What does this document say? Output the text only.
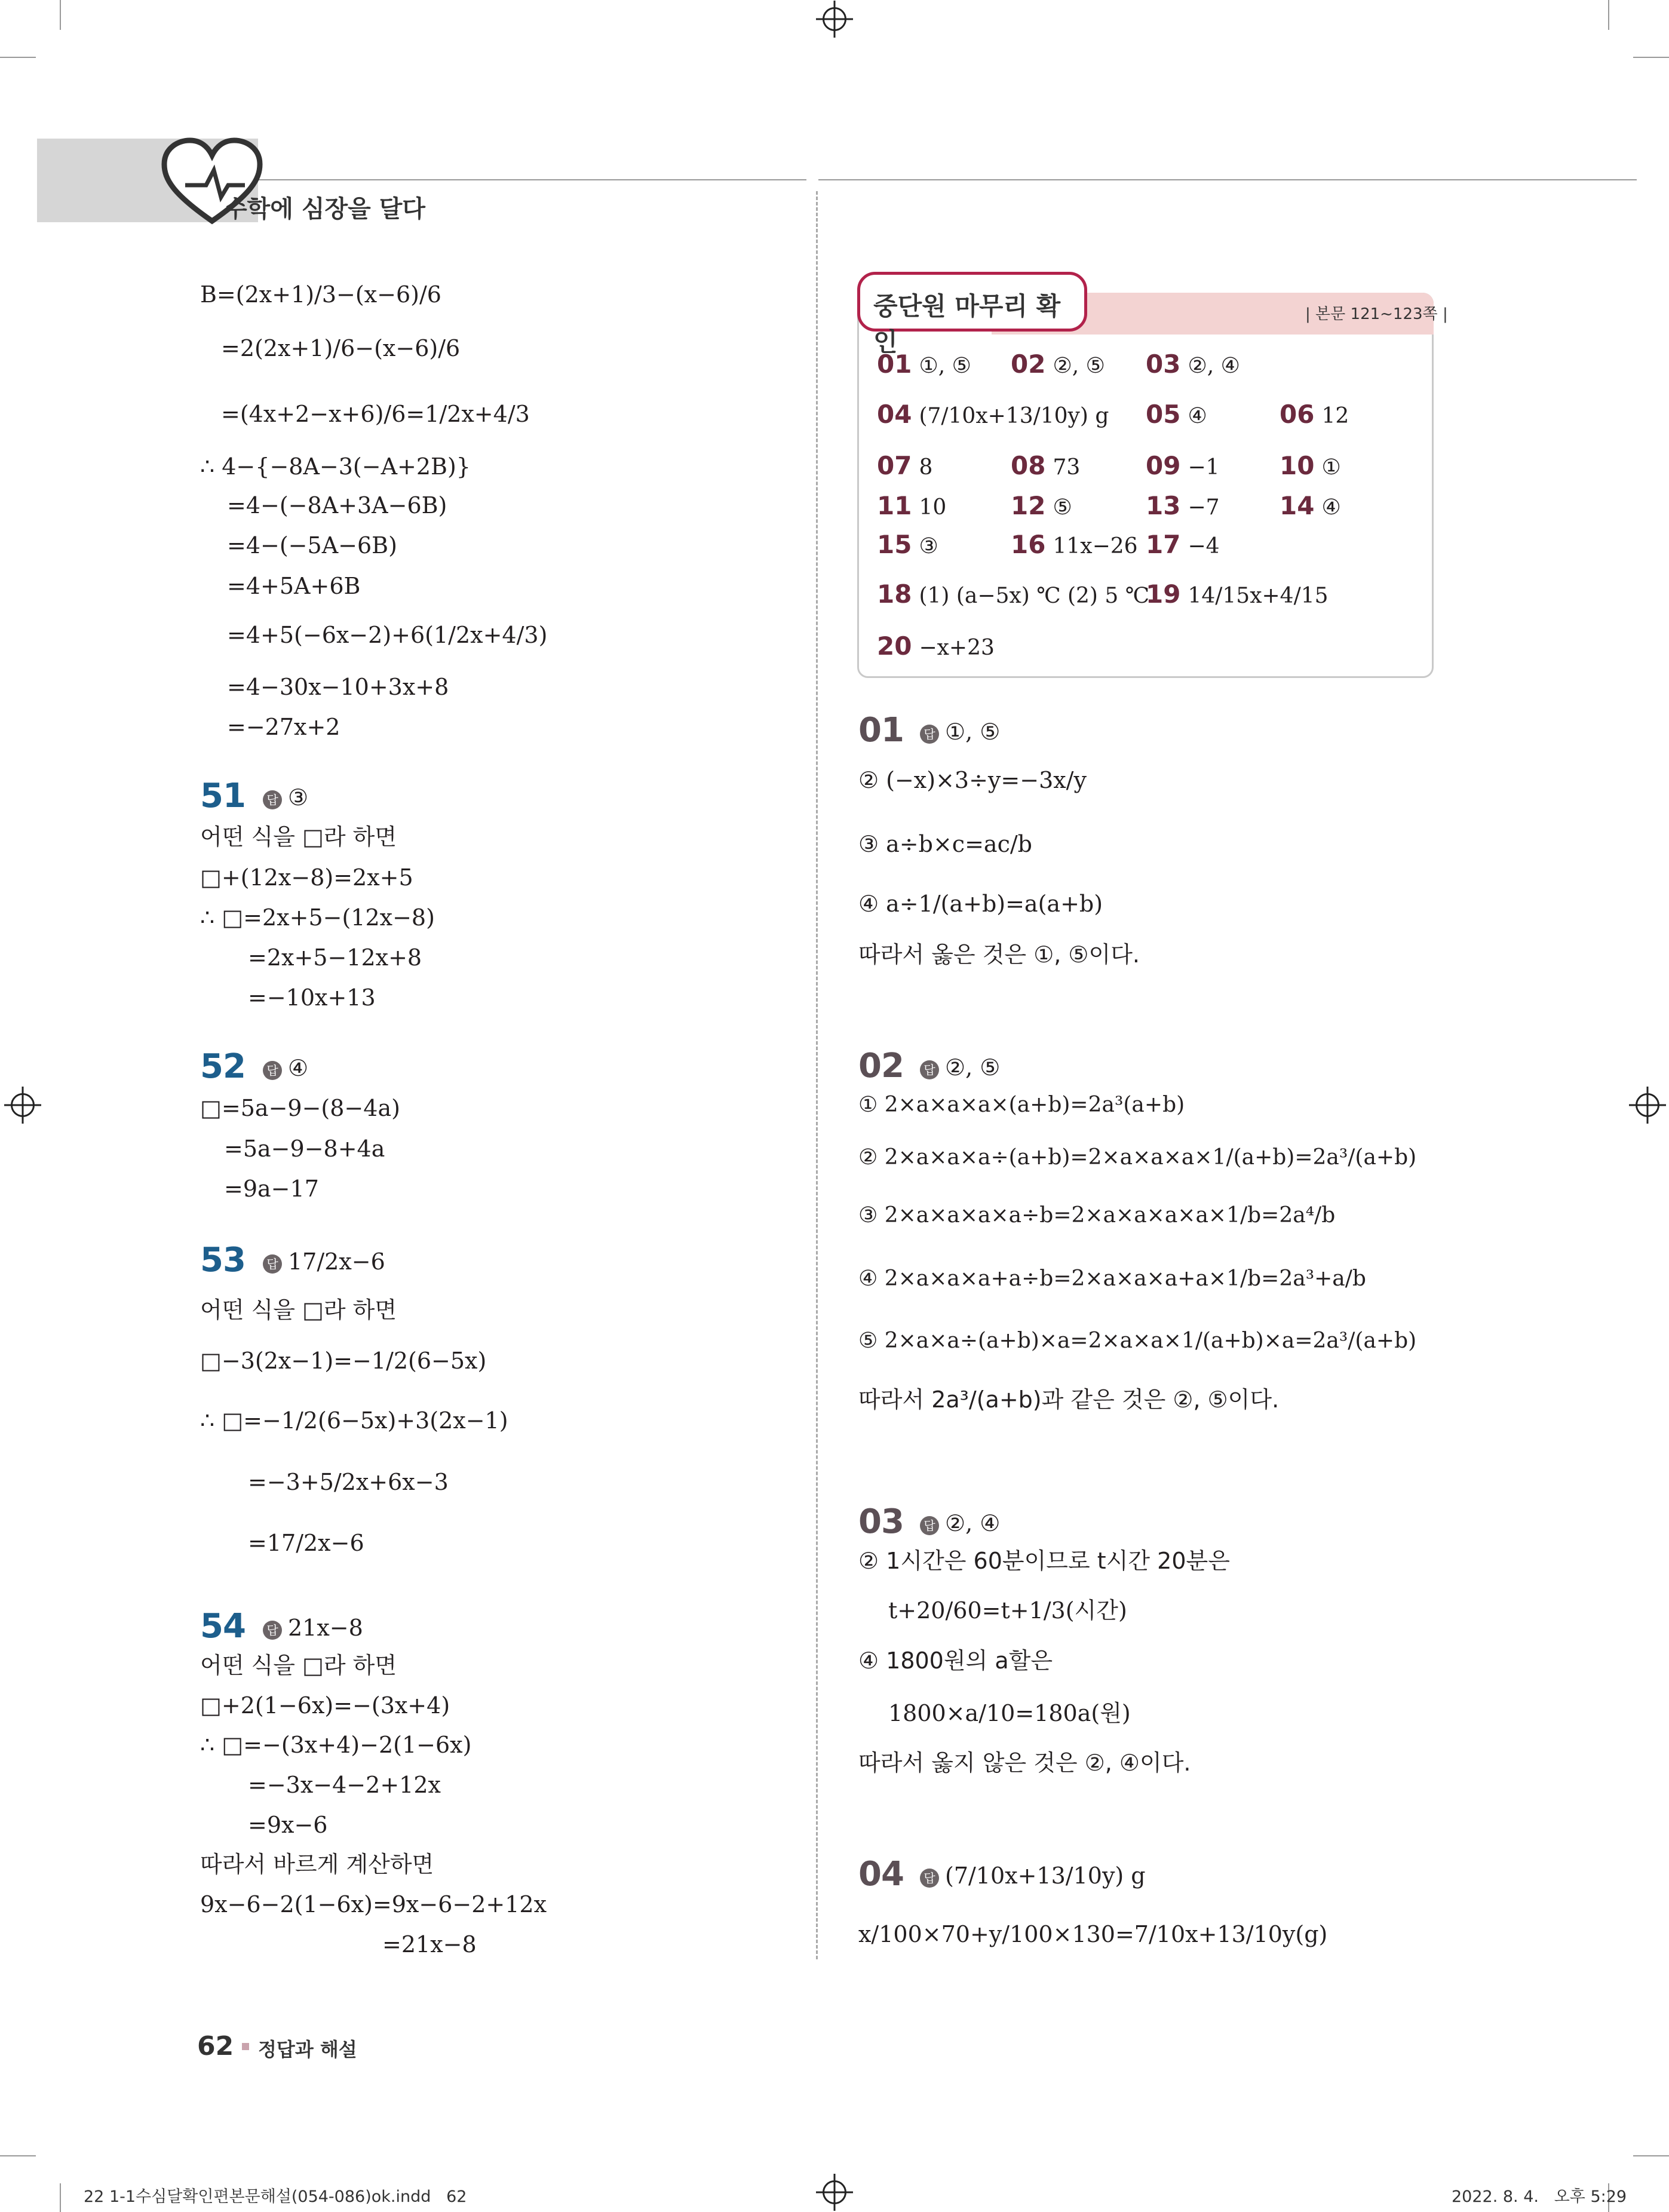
수학에 심장을 달다
B=(2x+1)/3−(x−6)/6
=2(2x+1)/6−(x−6)/6
=(4x+2−x+6)/6=1/2x+4/3
∴ 4−{−8A−3(−A+2B)}
=4−(−8A+3A−6B)
=4−(−5A−6B)
=4+5A+6B
=4+5(−6x−2)+6(1/2x+4/3)
=4−30x−10+3x+8
=−27x+2
51	답 ③
어떤 식을 □라 하면
□+(12x−8)=2x+5
∴ □=2x+5−(12x−8)
=2x+5−12x+8
=−10x+13
52	답 ④
□=5a−9−(8−4a)
=5a−9−8+4a
=9a−17
53	답 17/2x−6
어떤 식을 □라 하면
□−3(2x−1)=−1/2(6−5x)
∴ □=−1/2(6−5x)+3(2x−1)
=−3+5/2x+6x−3
=17/2x−6
54	답 21x−8
어떤 식을 □라 하면
□+2(1−6x)=−(3x+4)
∴ □=−(3x+4)−2(1−6x)
=−3x−4−2+12x
=9x−6
따라서 바르게 계산하면
9x−6−2(1−6x)=9x−6−2+12x
=21x−8
중단원 마무리 확인
| 본문 121~123쪽 |
01 ①, ⑤ 02 ②, ⑤ 03 ②, ④
04 (7/10x+13/10y) g 05 ④	06 12
07 8	08 73	09 −1 10 ①
11 10	12 ⑤	13 −7 14 ④
15 ③	16 11x−26 17 −4
18 (1) (a−5x) ℃ (2) 5 ℃
19 14/15x+4/15
20 −x+23
01	답 ①, ⑤
② (−x)×3÷y=−3x/y
③ a÷b×c=ac/b
④ a÷1/(a+b)=a(a+b)
따라서 옳은 것은 ①, ⑤이다.
02	답 ②, ⑤
① 2×a×a×a×(a+b)=2a³(a+b)
② 2×a×a×a÷(a+b)=2×a×a×a×1/(a+b)=2a³/(a+b)
③ 2×a×a×a×a÷b=2×a×a×a×a×1/b=2a⁴/b
④ 2×a×a×a+a÷b=2×a×a×a+a×1/b=2a³+a/b
⑤ 2×a×a÷(a+b)×a=2×a×a×1/(a+b)×a=2a³/(a+b)
따라서 2a³/(a+b)과 같은 것은 ②, ⑤이다.
03	답 ②, ④
② 1시간은 60분이므로 t시간 20분은
t+20/60=t+1/3(시간)
④ 1800원의 a할은
1800×a/10=180a(원)
따라서 옳지 않은 것은 ②, ④이다.
04	답 (7/10x+13/10y) g
x/100×70+y/100×130=7/10x+13/10y(g)
62 정답과 해설
22 1-1수심달확인편본문해설(054-086)ok.indd   62	2022. 8. 4.   오후 5:29
